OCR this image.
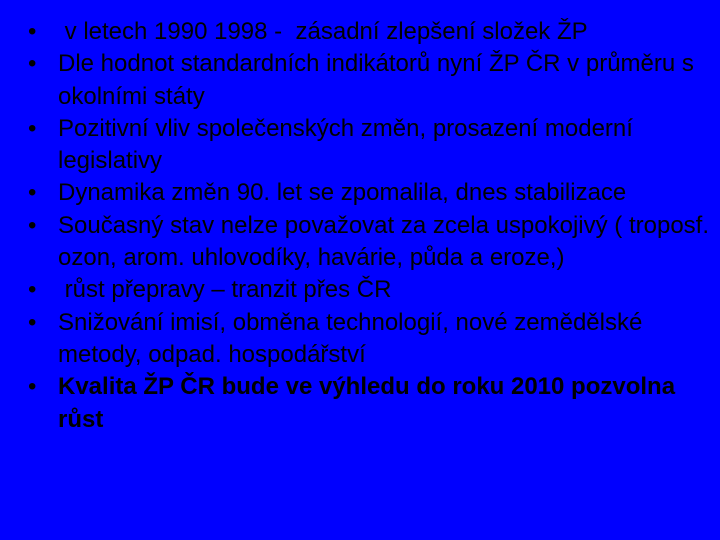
• v letech 1990 1998 -  zásadní zlepšení složek ŽP
• Dle hodnot standardních indikátorů nyní ŽP ČR v průměru s okolními státy
• Pozitivní vliv společenských změn, prosazení moderní legislativy
• Dynamika změn 90. let se zpomalila, dnes stabilizace
• Současný stav nelze považovat za zcela uspokojivý ( troposf. ozon, arom. uhlovodíky, havárie, půda a eroze,)
• růst přepravy – tranzit přes ČR
• Snižování imisí, obměna technologií, nové zemědělské metody, odpad. hospodářství
• Kvalita ŽP ČR bude ve výhledu do roku 2010 pozvolna růst
